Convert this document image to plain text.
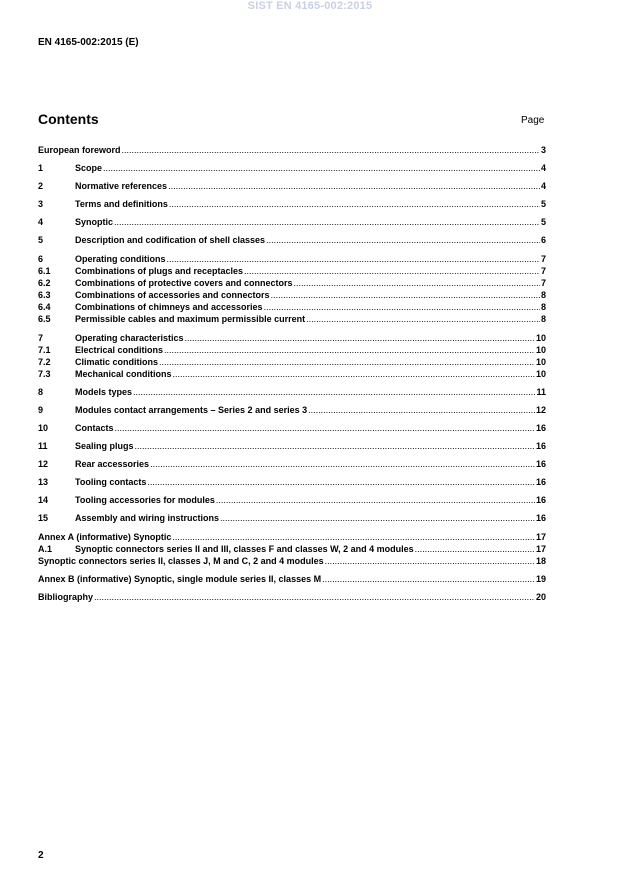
SIST EN 4165-002:2015
EN 4165-002:2015 (E)
Contents	Page
European foreword .....	3
1	Scope .....	4
2	Normative references .....	4
3	Terms and definitions .....	5
4	Synoptic .....	5
5	Description and codification of shell classes .....	6
6	Operating conditions .....	7
6.1	Combinations of plugs and receptacles .....	7
6.2	Combinations of protective covers and connectors .....	7
6.3	Combinations of accessories and connectors .....	8
6.4	Combinations of chimneys and accessories .....	8
6.5	Permissible cables and maximum permissible current .....	8
7	Operating characteristics .....	10
7.1	Electrical conditions .....	10
7.2	Climatic conditions .....	10
7.3	Mechanical conditions .....	10
8	Models types .....	11
9	Modules contact arrangements – Series 2 and series 3 .....	12
10	Contacts .....	16
11	Sealing plugs .....	16
12	Rear accessories .....	16
13	Tooling contacts .....	16
14	Tooling accessories for modules .....	16
15	Assembly and wiring instructions .....	16
Annex A (informative) Synoptic .....	17
A.1	Synoptic connectors series II and III, classes F and classes W, 2 and 4 modules .....	17
Synoptic connectors series II, classes J, M and C, 2 and 4 modules .....	18
Annex B (informative) Synoptic, single module series II, classes M .....	19
Bibliography .....	20
2
